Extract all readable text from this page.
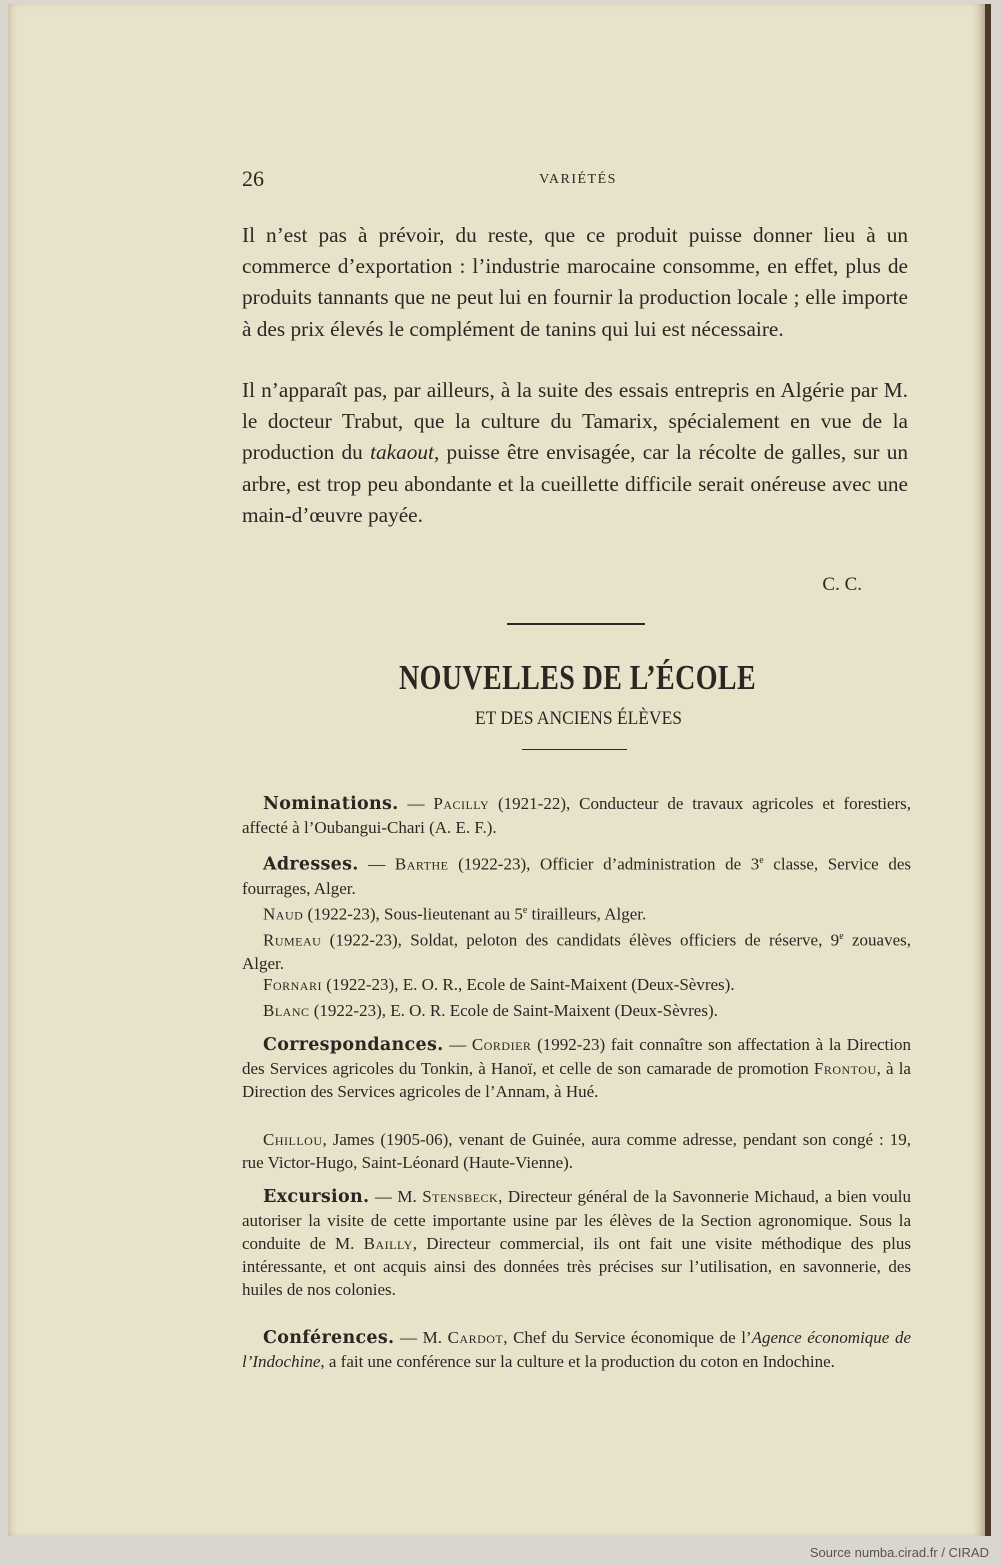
26	VARIÉTÉS
Il n’est pas à prévoir, du reste, que ce produit puisse donner lieu à un commerce d’exportation : l’industrie marocaine consomme, en effet, plus de produits tannants que ne peut lui en fournir la production locale ; elle importe à des prix élevés le complément de tanins qui lui est nécessaire.
Il n’apparaît pas, par ailleurs, à la suite des essais entrepris en Algérie par M. le docteur Trabut, que la culture du Tamarix, spécialement en vue de la production du takaout, puisse être envisagée, car la récolte de galles, sur un arbre, est trop peu abondante et la cueillette difficile serait onéreuse avec une main-d’œuvre payée.
C. C.
NOUVELLES DE L’ÉCOLE
ET DES ANCIENS ÉLÈVES
Nominations. — Pacilly (1921-22), Conducteur de travaux agricoles et forestiers, affecté à l’Oubangui-Chari (A. E. F.).
Adresses. — Barthe (1922-23), Officier d’administration de 3e classe, Service des fourrages, Alger.
Naud (1922-23), Sous-lieutenant au 5e tirailleurs, Alger.
Rumeau (1922-23), Soldat, peloton des candidats élèves officiers de réserve, 9e zouaves, Alger.
Fornari (1922-23), E. O. R., Ecole de Saint-Maixent (Deux-Sèvres).
Blanc (1922-23), E. O. R. Ecole de Saint-Maixent (Deux-Sèvres).
Correspondances. — Cordier (1992-23) fait connaître son affectation à la Direction des Services agricoles du Tonkin, à Hanoï, et celle de son camarade de promotion Frontou, à la Direction des Services agricoles de l’Annam, à Hué.
Chillou, James (1905-06), venant de Guinée, aura comme adresse, pendant son congé : 19, rue Victor-Hugo, Saint-Léonard (Haute-Vienne).
Excursion. — M. Stensbeck, Directeur général de la Savonnerie Michaud, a bien voulu autoriser la visite de cette importante usine par les élèves de la Section agronomique. Sous la conduite de M. Bailly, Directeur commercial, ils ont fait une visite méthodique des plus intéressante, et ont acquis ainsi des données très précises sur l’utilisation, en savonnerie, des huiles de nos colonies.
Conférences. — M. Cardot, Chef du Service économique de l’Agence économique de l’Indochine, a fait une conférence sur la culture et la production du coton en Indochine.
Source numba.cirad.fr / CIRAD
